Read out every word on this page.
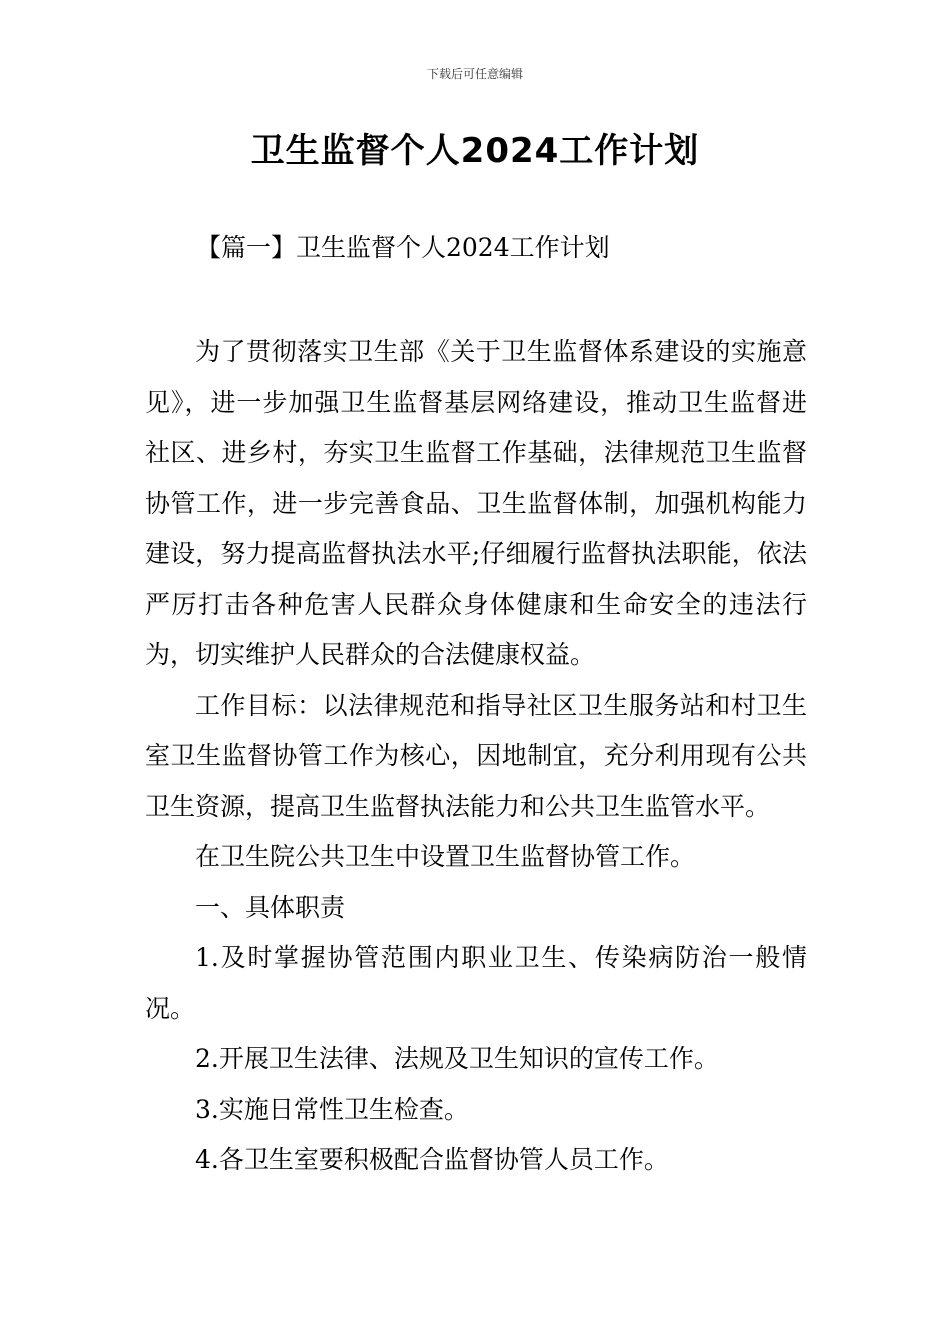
下载后可任意编辑
卫生监督个人2024工作计划
【篇一】卫生监督个人2024工作计划

为了贯彻落实卫生部《关于卫生监督体系建设的实施意见》，进一步加强卫生监督基层网络建设，推动卫生监督进社区、进乡村，夯实卫生监督工作基础，法律规范卫生监督协管工作，进一步完善食品、卫生监督体制，加强机构能力建设，努力提高监督执法水平;仔细履行监督执法职能，依法严厉打击各种危害人民群众身体健康和生命安全的违法行为，切实维护人民群众的合法健康权益。

工作目标：以法律规范和指导社区卫生服务站和村卫生室卫生监督协管工作为核心，因地制宜，充分利用现有公共卫生资源，提高卫生监督执法能力和公共卫生监管水平。

在卫生院公共卫生中设置卫生监督协管工作。

一、具体职责

1.及时掌握协管范围内职业卫生、传染病防治一般情况。

2.开展卫生法律、法规及卫生知识的宣传工作。

3.实施日常性卫生检查。

4.各卫生室要积极配合监督协管人员工作。
